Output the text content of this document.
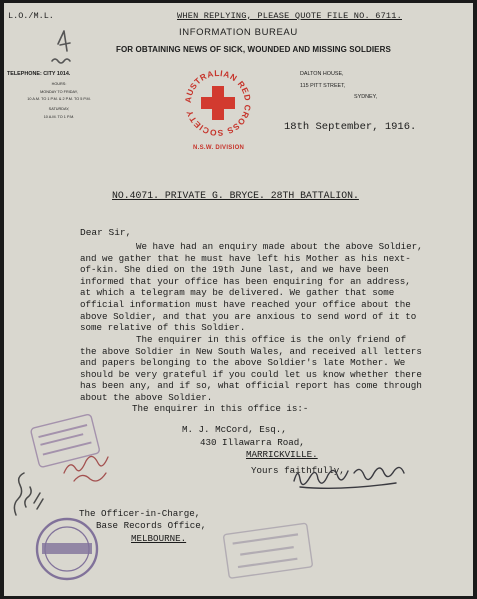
L.O./M.L.	WHEN REPLYING, PLEASE QUOTE FILE NO. 6711.
INFORMATION BUREAU
FOR OBTAINING NEWS OF SICK, WOUNDED AND MISSING SOLDIERS
TELEPHONE: CITY 1014.
HOURS:
MONDAY TO FRIDAY,
10 A.M. TO 1 P.M. & 2 P.M. TO 5 P.M.
SATURDAY,
10 A.M. TO 1 P.M.
DALTON HOUSE,
115 PITT STREET,
SYDNEY,
AUSTRALIAN RED CROSS SOCIETY
N.S.W. DIVISION
18th September, 1916.
NO.4071. PRIVATE G. BRYCE. 28TH BATTALION.
Dear Sir,
We have had an enquiry made about the above Soldier,
and we gather that he must have left his Mother as his next-
of-kin. She died on the 19th June last, and we have been
informed that your office has been enquiring for an address,
at which a telegram may be delivered. We gather that some
official information must have reached your office about the
above Soldier, and that you are anxious to send word of it to
some relative of this Soldier.
The enquirer in this office is the only friend of
the above Soldier in New South Wales, and received all letters
and papers belonging to the above Soldier's late Mother. We
should be very grateful if you could let us know whether there
has been any, and if so, what official report has come through
about the above Soldier.
The enquirer in this office is:-
M. J. McCord, Esq.,
430 Illawarra Road,
MARRICKVILLE.
Yours faithfully,
The Officer-in-Charge,
Base Records Office,
MELBOURNE.
